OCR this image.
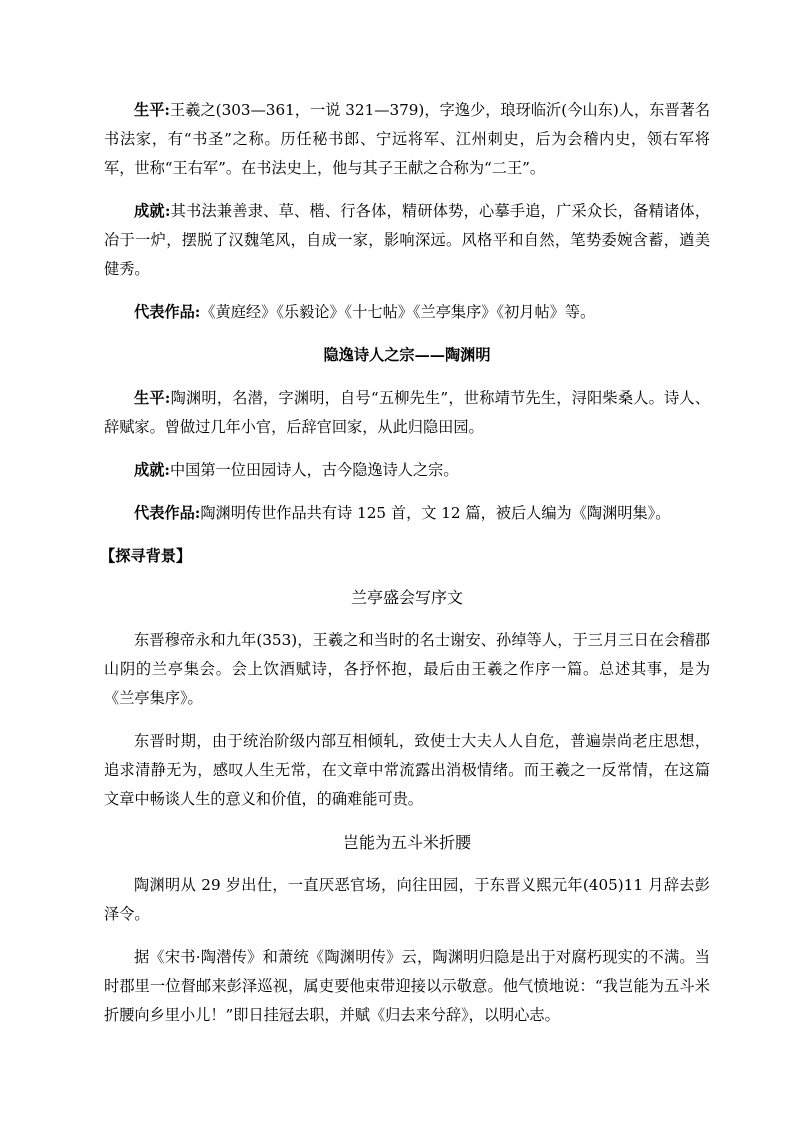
生平:王羲之(303—361，一说 321—379)，字逸少，琅玡临沂(今山东)人，东晋著名书法家，有“书圣”之称。历任秘书郎、宁远将军、江州刺史，后为会稽内史，领右军将军，世称“王右军”。在书法史上，他与其子王献之合称为“二王”。

成就:其书法兼善隶、草、楷、行各体，精研体势，心摹手追，广采众长，备精诸体，冶于一炉，摆脱了汉魏笔风，自成一家，影响深远。风格平和自然，笔势委婉含蓄，遒美健秀。

代表作品:《黄庭经》《乐毅论》《十七帖》《兰亭集序》《初月帖》等。

隐逸诗人之宗——陶渊明

生平:陶渊明，名潜，字渊明，自号“五柳先生”，世称靖节先生，浔阳柴桑人。诗人、辞赋家。曾做过几年小官，后辞官回家，从此归隐田园。

成就:中国第一位田园诗人，古今隐逸诗人之宗。

代表作品:陶渊明传世作品共有诗 125 首，文 12 篇，被后人编为《陶渊明集》。

【探寻背景】
兰亭盛会写序文

东晋穆帝永和九年(353)，王羲之和当时的名士谢安、孙绰等人，于三月三日在会稽郡山阴的兰亭集会。会上饮酒赋诗，各抒怀抱，最后由王羲之作序一篇。总述其事，是为《兰亭集序》。

东晋时期，由于统治阶级内部互相倾轧，致使士大夫人人自危，普遍崇尚老庄思想，追求清静无为，感叹人生无常，在文章中常流露出消极情绪。而王羲之一反常情，在这篇文章中畅谈人生的意义和价值，的确难能可贵。

岂能为五斗米折腰

陶渊明从 29 岁出仕，一直厌恶官场，向往田园，于东晋义熙元年(405)11 月辞去彭泽令。

据《宋书·陶潜传》和萧统《陶渊明传》云，陶渊明归隐是出于对腐朽现实的不满。当时郡里一位督邮来彭泽巡视，属吏要他束带迎接以示敬意。他气愤地说：“我岂能为五斗米折腰向乡里小儿！”即日挂冠去职，并赋《归去来兮辞》，以明心志。
